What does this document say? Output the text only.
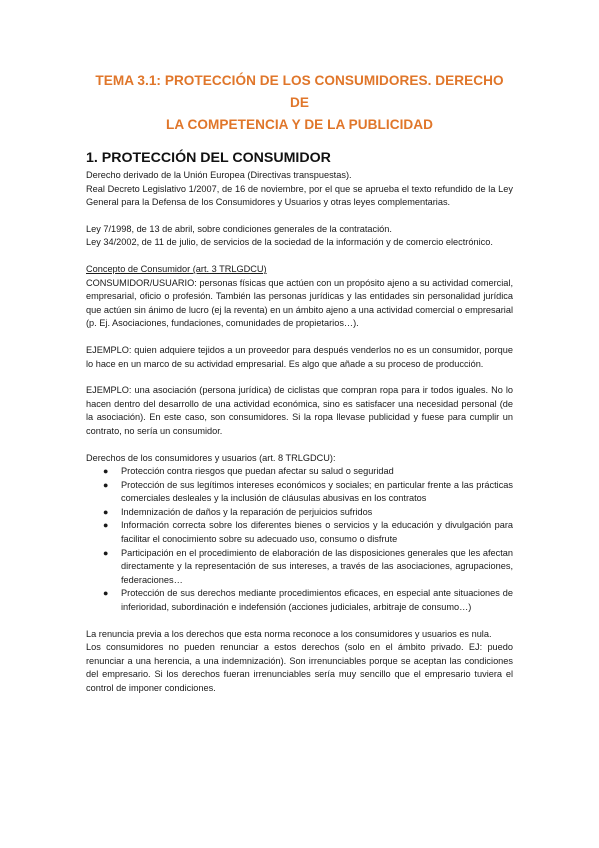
TEMA 3.1: PROTECCIÓN DE LOS CONSUMIDORES. DERECHO DE
LA COMPETENCIA Y DE LA PUBLICIDAD
1. PROTECCIÓN DEL CONSUMIDOR

Derecho derivado de la Unión Europea (Directivas transpuestas).

Real Decreto Legislativo 1/2007, de 16 de noviembre, por el que se aprueba el texto refundido de la Ley General para la Defensa de los Consumidores y Usuarios y otras leyes complementarias.

Ley 7/1998, de 13 de abril, sobre condiciones generales de la contratación.

Ley 34/2002, de 11 de julio, de servicios de la sociedad de la información y de comercio electrónico.

Concepto de Consumidor (art. 3 TRLGDCU)

CONSUMIDOR/USUARIO: personas físicas que actúen con un propósito ajeno a su actividad comercial, empresarial, oficio o profesión. También las personas jurídicas y las entidades sin personalidad jurídica que actúen sin ánimo de lucro (ej la reventa) en un ámbito ajeno a una actividad comercial o empresarial (p. Ej. Asociaciones, fundaciones, comunidades de propietarios…).

EJEMPLO: quien adquiere tejidos a un proveedor para después venderlos no es un consumidor, porque lo hace en un marco de su actividad empresarial. Es algo que añade a su proceso de producción.

EJEMPLO: una asociación (persona jurídica) de ciclistas que compran ropa para ir todos iguales. No lo hacen dentro del desarrollo de una actividad económica, sino es satisfacer una necesidad personal (de la asociación). En este caso, son consumidores. Si la ropa llevase publicidad y fuese para cumplir un contrato, no sería un consumidor.

Derechos de los consumidores y usuarios (art. 8 TRLGDCU):

● Protección contra riesgos que puedan afectar su salud o seguridad
● Protección de sus legítimos intereses económicos y sociales; en particular frente a las prácticas comerciales desleales y la inclusión de cláusulas abusivas en los contratos
● Indemnización de daños y la reparación de perjuicios sufridos
● Información correcta sobre los diferentes bienes o servicios y la educación y divulgación para facilitar el conocimiento sobre su adecuado uso, consumo o disfrute
● Participación en el procedimiento de elaboración de las disposiciones generales que les afectan directamente y la representación de sus intereses, a través de las asociaciones, agrupaciones, federaciones…
● Protección de sus derechos mediante procedimientos eficaces, en especial ante situaciones de inferioridad, subordinación e indefensión (acciones judiciales, arbitraje de consumo…)

La renuncia previa a los derechos que esta norma reconoce a los consumidores y usuarios es nula.

Los consumidores no pueden renunciar a estos derechos (solo en el ámbito privado. EJ: puedo renunciar a una herencia, a una indemnización). Son irrenunciables porque se aceptan las condiciones del empresario. Si los derechos fueran irrenunciables sería muy sencillo que el empresario tuviera el control de imponer condiciones.
